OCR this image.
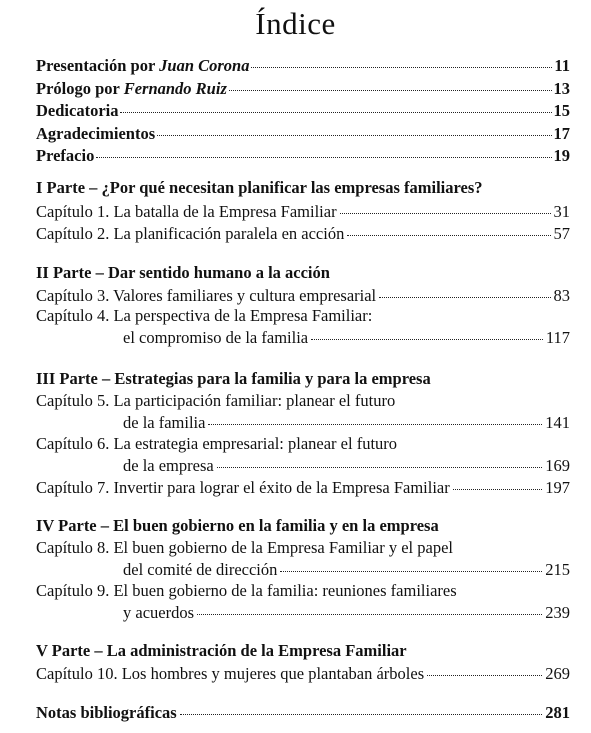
Índice
Presentación por Juan Corona	11
Prólogo por Fernando Ruiz	13
Dedicatoria	15
Agradecimientos	17
Prefacio	19
I Parte – ¿Por qué necesitan planificar las empresas familiares?
Capítulo 1. La batalla de la Empresa Familiar	31
Capítulo 2. La planificación paralela en acción	57
II Parte – Dar sentido humano a la acción
Capítulo 3. Valores familiares y cultura empresarial	83
Capítulo 4. La perspectiva de la Empresa Familiar:
el compromiso de la familia	117
III Parte – Estrategias para la familia y para la empresa
Capítulo 5. La participación familiar: planear el futuro
de la familia	141
Capítulo 6. La estrategia empresarial: planear el futuro
de la empresa	169
Capítulo 7. Invertir para lograr el éxito de la Empresa Familiar	197
IV Parte – El buen gobierno en la familia y en la empresa
Capítulo 8. El buen gobierno de la Empresa Familiar y el papel
del comité de dirección	215
Capítulo 9. El buen gobierno de la familia: reuniones familiares
y acuerdos	239
V Parte – La administración de la Empresa Familiar
Capítulo 10. Los hombres y mujeres que plantaban árboles	269
Notas bibliográficas	281
